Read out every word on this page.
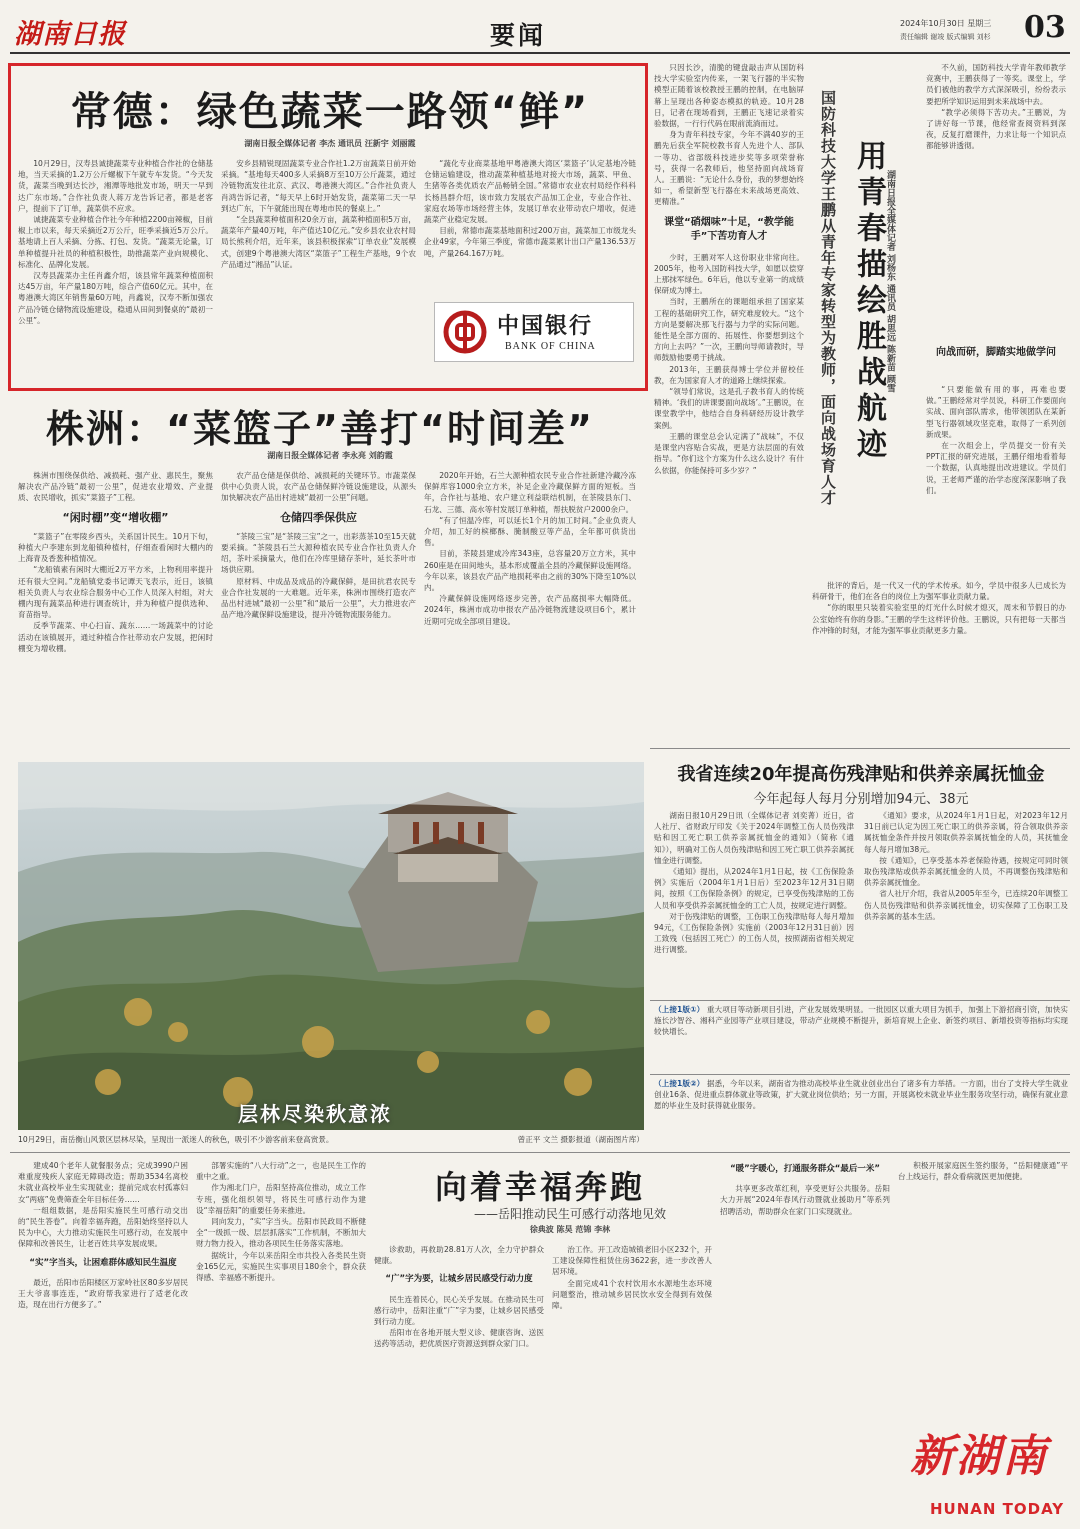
湖南日报	要闻	2024年10月30日 星期三
责任编辑 谢竣 版式编辑 刘杉 03
常德：绿色蔬菜一路领“鲜”
湖南日报全媒体记者 李杰 通讯员 汪新宇 刘丽霞

10月29日，汉寿县诚捷蔬菜专业种植合作社的仓储基地，当天采摘的1.2万公斤螺椒下午就专车发货。“今天发货，蔬菜当晚到达长沙，湘潭等地批发市场，明天一早到达广东市场。”合作社负责人蒋万龙告诉记者，都是老客户，提前下了订单，蔬菜供不应求。

诚捷蔬菜专业种植合作社今年种植2200亩辣椒，目前椒上市以来，每天采摘近2万公斤，旺季采摘近5万公斤。基地请上百人采摘、分拣、打包、发货。“蔬菜无论量，订单种植提升社员的种植积极性，助推蔬菜产业向规模化、标准化、品牌化发展。

汉寿县蔬菜办主任肖鑫介绍，该县常年蔬菜种植面积达45万亩，年产量180万吨，综合产值60亿元。其中，在粤港澳大湾区年销售量60万吨，肖鑫说，汉寿不断加强农产品冷链仓储物流设施建设，稳通从田间到餐桌的“最初一公里”。

安乡县精锐现固蔬菜专业合作社1.2万亩蔬菜日前开始采摘。“基地每天400多人采摘8万至10万公斤蔬菜，通过冷链物流发往北京、武汉、粤港澳大湾区。”合作社负责人肖鸿告诉记者，“每天早上6时开始发货，蔬菜第二天一早到达广东，下午就能出现在粤地市民的餐桌上。”

“全县蔬菜种植面积20余万亩，蔬菜种植面积5万亩，蔬菜年产量40万吨，年产值达10亿元。”安乡县农业农村局局长熊利介绍，近年来，该县积极探索“订单农业”发展模式，创建9个粤港澳大湾区“菜篮子”工程生产基地，9个农产品通过“湘品”认证。

“蔬化专业商菜基地甲粤港澳大湾区‘菜篮子’认定基地冷链仓储运输建设，推动蔬菜种植基地对接大市场，蔬菜、甲鱼、生猪等各类优质农产品畅销全国。”常德市农业农村局经作科科长杨昌群介绍，该市致力发展农产品加工企业，专业合作社、家庭农场等市场经营主体，发展订单农业带动农户增收，促进蔬菜产业稳定发展。

目前，常德市蔬菜基地面积过200万亩，蔬菜加工市级龙头企业49家，今年第三季度，常德市蔬菜累计出口产量136.53万吨，产量264.167万吨。

中国银行
BANK OF CHINA
株洲：“菜篮子”善打“时间差”
湖南日报全媒体记者 李永亮 刘韵霞

株洲市围绕保供给、减损耗、强产业、惠民生，聚焦解决农产品冷链“最初一公里”，促进农业增效、产业提质、农民增收，抓实“菜篮子”工程。

“闲时棚”变“增收棚”

“菜篮子”在零陵乡西头，关系国计民生。10月下旬，种植大户李建东到龙船镇种植村，仔细查看闲时大棚内的上海青及香葱种植情况。

“龙船镇素有闲时大棚近2万平方米，上物利用率提升还有很大空间。”龙船镇党委书记谭天飞表示，近日，该镇相关负责人与农业综合服务中心工作人员深入村组，对大棚内现有蔬菜品种进行调查统计，并为种植户提供选种、育苗指导。

反季节蔬菜、中心扫盲、蔬东……一场蔬菜中的讨论活动在该镇展开，通过种植合作社带动农户发展，把闲时棚变为增收棚。

农产品仓储是保供给、减损耗的关键环节。市蔬菜保供中心负责人说，农产品仓储保鲜冷链设施建设，从源头加快解决农产品出村进城“最初一公里”问题。

仓储四季保供应

“茶陵三宝”是“茶陵三宝”之一，出彩蒸茶10至15天就要采摘。“茶陵县石兰大源种植农民专业合作社负责人介绍，茶叶采摘量大，他们在冷库里储存茶叶，延长茶叶市场供应期。

原材料、中成品及成品的冷藏保鲜，是田抗君农民专业合作社发展的一大难题。近年来，株洲市围绕打造农产品出村进城“最初一公里”和“最后一公里”，大力推进农产品产地冷藏保鲜设施建设，提升冷链物流服务能力。

2020年开始，石兰大源种植农民专业合作社新建冷藏冷冻保鲜库容1000余立方米，补足企业冷藏保鲜方面的短板。当年，合作社与基地、农户建立利益联结机制，在茶陵县东门、石龙、三德、高水等村发展订单种植，帮扶脱贫户2000余户。

“有了恒温冷库，可以延长1个月的加工时间。”企业负责人介绍，加工好的槟榔酥、腌制酸豆等产品，全年都可供货出售。

目前，茶陵县建成冷库343座，总容量20万立方米，其中260座是在田间地头，基本形成覆盖全县的冷藏保鲜设施网络。今年以来，该县农产品产地损耗率由之前的30%下降至10%以内。

冷藏保鲜设施网络逐步完善，农产品腐损率大幅降低。2024年，株洲市成功申报农产品冷链物流建设项目6个，累计近期可完成全部项目建设。

只因长沙，清脆的键盘敲击声从国防科技大学实验室内传来，一架飞行器的半实物模型正随着该校教授王鹏的控制，在电脑屏幕上呈现出各种姿态模拟的轨迹。10月28日，记者在现场看到，王鹏正飞速记录着实验数据，一行行代码在眼前流淌而过。

身为青年科技专家，今年不满40岁的王鹏先后获全军院校教书育人先进个人、部队一等功、省部级科技进步奖等多项荣誉称号，获得一名教师后，他坚持面向战场育人。王鹏说：“无论什么身份，我的梦想始终如一，希望新型飞行器在未来战场更高效、更精准。”

课堂“硝烟味”十足，“教学能手”下苦功育人才

少时，王鹏对军人这份职业非常向往。2005年，他考入国防科技大学，如愿以偿穿上那抹军绿色。6年后，他以专业第一的成绩保研成为博士。

当时，王鹏所在的课题组承担了国家某工程的基础研究工作，研究难度较大。“这个方向是要解决那飞行器与力学的实际问题。能性是全部方面的、拓展性、你要想到这个方向上去吗？”一次，王鹏向导师请教时，导师鼓励他要勇于挑战。

2013年，王鹏获得博士学位并留校任教，在为国家育人才的道路上继续探索。

“领导们常说，这是孔子教书育人的传统精神。‘我们的讲课要面向战场’。”王鹏说，在课堂教学中，他结合自身科研经历设计教学案例。

王鹏的课堂总会认定满了“战味”，不仅是课堂内容贴合实战，更是方法层面的有效指导。“你们这个方案为什么这么设计？有什么依据，你能保持可多少岁？”	国防科技大学王鹏从青年专家转型为教师，面向战场育人才 用青春描绘胜战航迹 湖南日报全媒体记者 刘杨东 通讯员 胡思远 陈新苗 顾雪

不久前，国防科技大学青年教师教学竞赛中，王鹏获得了一等奖。课堂上，学员们被他的教学方式深深吸引，纷纷表示要把所学知识运用到未来战场中去。

“教学必须得下苦功夫。”王鹏说，为了讲好每一节课，他经常查阅资料到深夜，反复打磨课件，力求让每一个知识点都能够讲透彻。

向战而研，脚踏实地做学问

“只要能做有用的事，再难也要做。”王鹏经常对学员说，科研工作要面向实战、面向部队需求，他带领团队在某新型飞行器领域攻坚克难，取得了一系列创新成果。

在一次组会上，学员提交一份有关PPT汇报的研究进展，王鹏仔细地看着每一个数据，认真地提出改进建议。学员们说，王老师严谨的治学态度深深影响了我们。

批评的背后，是一代又一代的学术传承。如今，学员中很多人已成长为科研骨干，他们在各自的岗位上为强军事业贡献力量。

“你的眼里只装着实验室里的灯光什么时候才熄灭，周末和节假日的办公室始终有你的身影。”王鹏的学生这样评价他。王鹏说，只有把每一天都当作冲锋的时刻，才能为强军事业贡献更多力量。

我省连续20年提高伤残津贴和供养亲属抚恤金
今年起每人每月分别增加94元、38元

湖南日报10月29日讯（全媒体记者 刘奕菁）近日，省人社厅、省财政厅印发《关于2024年调整工伤人员伤残津贴和因工死亡职工供养亲属抚恤金的通知》（简称《通知》），明确对工伤人员伤残津贴和因工死亡职工供养亲属抚恤金进行调整。

《通知》提出，从2024年1月1日起，按《工伤保险条例》实施后（2004年1月1日后）至2023年12月31日期间，按照《工伤保险条例》的规定，已享受伤残津贴的工伤人员和享受供养亲属抚恤金的工亡人员，按规定进行调整。

对于伤残津贴的调整，工伤职工伤残津贴每人每月增加94元，《工伤保险条例》实施前（2003年12月31日前）因工致残（包括因工死亡）的工伤人员，按照湖南省相关规定进行调整。

《通知》要求，从2024年1月1日起，对2023年12月31日前已认定为因工死亡职工的供养亲属，符合领取供养亲属抚恤金条件并按月领取供养亲属抚恤金的人员，其抚恤金每人每月增加38元。

按《通知》，已享受基本养老保险待遇，按规定可同时领取伤残津贴或供养亲属抚恤金的人员，不再调整伤残津贴和供养亲属抚恤金。

省人社厅介绍，我省从2005年至今，已连续20年调整工伤人员伤残津贴和供养亲属抚恤金，切实保障了工伤职工及供养亲属的基本生活。

（上接1版①） 重大项目等动新项目引进，产业发展效果明显。一批园区以重大项目为抓手，加强上下游招商引资，加快实施长沙智谷、湘科产业园等产业项目建设，带动产业规模不断提升，新培育规上企业、新签约项目、新增投资等指标均实现较快增长。
（上接1版②） 据悉，今年以来，湖南省为推动高校毕业生就业创业出台了诸多有力举措。一方面，出台了支持大学生就业创业16条、促进重点群体就业等政策，扩大就业岗位供给；另一方面，开展离校未就业毕业生服务攻坚行动，确保有就业意愿的毕业生及时获得就业服务。
层林尽染秋意浓
10月29日，南岳衡山风景区层林尽染，呈现出一派迷人的秋色，吸引不少游客前来登高赏景。	曾正平 文兰 摄影报道（湖南图片库）
向着幸福奔跑
——岳阳推动民生可感行动落地见效
徐典波 陈昊 范锦 李林

建成40个老年人就餐服务点；完成3990户困难重度残疾人家庭无障碍改造；帮助3534名离校未就业高校毕业生实现就业；提前完成农村孤寡妇女“两癌”免费筛查全年目标任务……

一组组数据，是岳阳实施民生可感行动交出的“民生答卷”。向着幸福奔跑，岳阳始终坚持以人民为中心，大力推动实施民生可感行动，在发展中保障和改善民生，让老百姓共享发展成果。

“实”字当头，让困难群体感知民生温度

最近，岳阳市岳阳楼区万家岭社区80多岁居民王大爷喜事连连，“政府帮我家进行了适老化改造，现在出行方便多了。”

部署实施的“八大行动”之一，也是民生工作的重中之重。

作为湘北门户，岳阳坚持高位推动，成立工作专班，强化组织领导，将民生可感行动作为建设“幸福岳阳”的重要任务来推进。

同向发力，“实”字当头。岳阳市民政局不断健全“一级抓一级、层层抓落实”工作机制，不断加大财力物力投入，推动各项民生任务落实落地。

据统计，今年以来岳阳全市共投入各类民生资金165亿元，实施民生实事项目180余个，群众获得感、幸福感不断提升。

诊救助，再救助28.81万人次，全力守护群众健康。

“广”字为要，让城乡居民感受行动力度

民生连着民心，民心关乎发展。在推动民生可感行动中，岳阳注重“广”字为要，让城乡居民感受到行动力度。

岳阳市在各地开展大型义诊、健康咨询、送医送药等活动，把优质医疗资源送到群众家门口。

治工作。开工改造城镇老旧小区232个，开工建设保障性租赁住房3622套，进一步改善人居环境。

全面完成41个农村饮用水水源地生态环境问题整治，推动城乡居民饮水安全得到有效保障。

“暖”字暖心，打通服务群众“最后一米”

共享更多改革红利，享受更好公共服务。岳阳大力开展“2024年春风行动暨就业援助月”等系列招聘活动，帮助群众在家门口实现就业。

积极开展家庭医生签约服务，“岳阳健康通”平台上线运行，群众看病就医更加便捷。

新湖南
HUNAN TODAY
